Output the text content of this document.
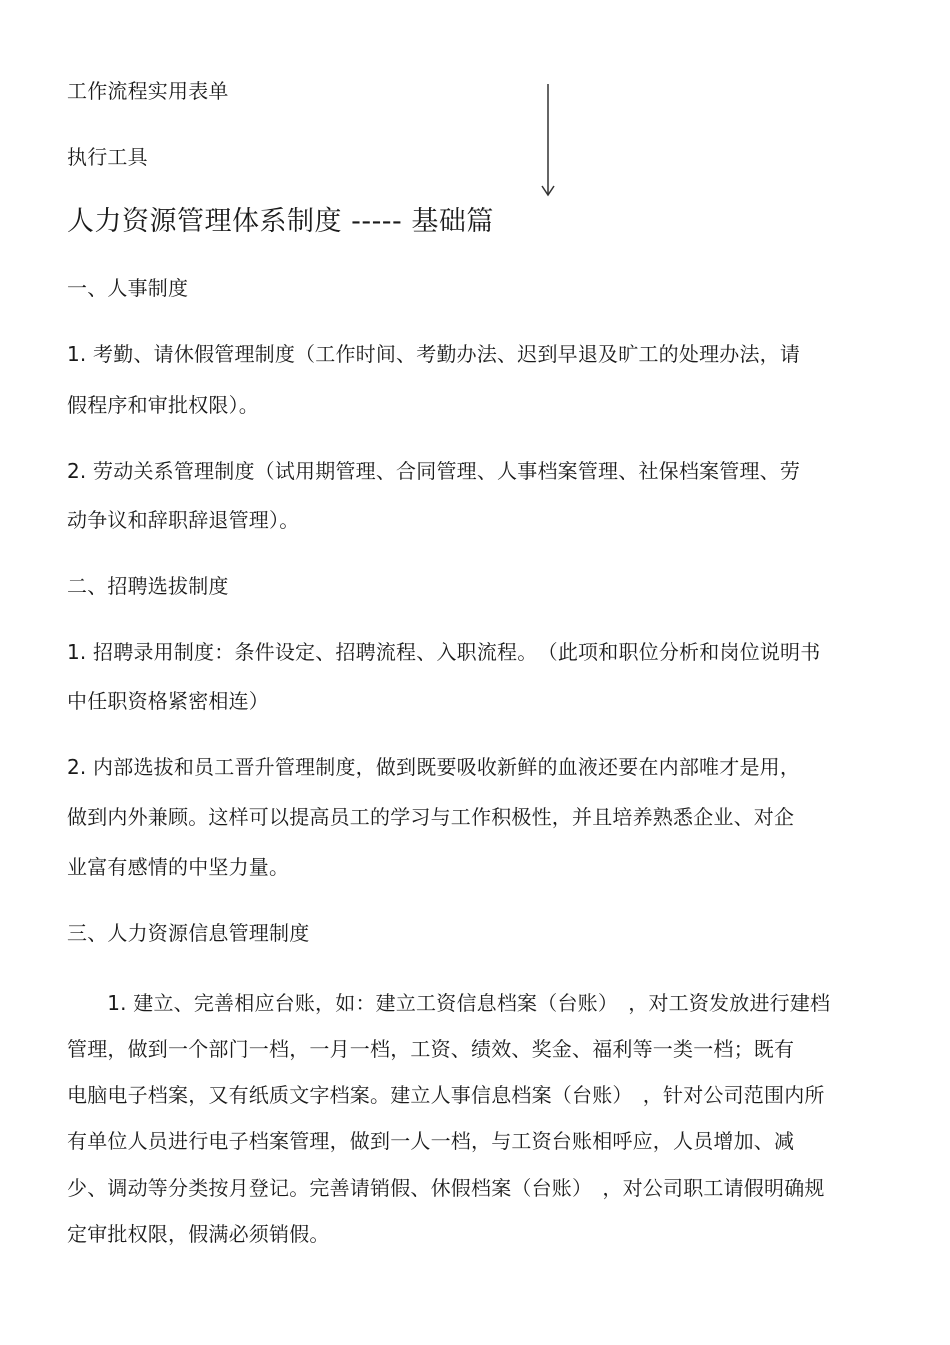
工作流程实用表单
执行工具
人力资源管理体系制度 ----- 基础篇
一、人事制度
1. 考勤、请休假管理制度（工作时间、考勤办法、迟到早退及旷工的处理办法，请
假程序和审批权限）。
2. 劳动关系管理制度（试用期管理、合同管理、人事档案管理、社保档案管理、劳
动争议和辞职辞退管理）。
二、招聘选拔制度
1. 招聘录用制度：条件设定、招聘流程、入职流程。　（此项和职位分析和岗位说明书
中任职资格紧密相连）
2. 内部选拔和员工晋升管理制度，做到既要吸收新鲜的血液还要在内部唯才是用，
做到内外兼顾。这样可以提高员工的学习与工作积极性，并且培养熟悉企业、对企
业富有感情的中坚力量。
三、人力资源信息管理制度
　1. 建立、完善相应台账，如：建立工资信息档案（台账）　，对工资发放进行建档
管理，做到一个部门一档，一月一档，工资、绩效、奖金、福利等一类一档；既有
电脑电子档案，又有纸质文字档案。建立人事信息档案（台账）　，针对公司范围内所
有单位人员进行电子档案管理，做到一人一档，与工资台账相呼应，人员增加、减
少、调动等分类按月登记。完善请销假、休假档案（台账）　，对公司职工请假明确规
定审批权限，假满必须销假。
